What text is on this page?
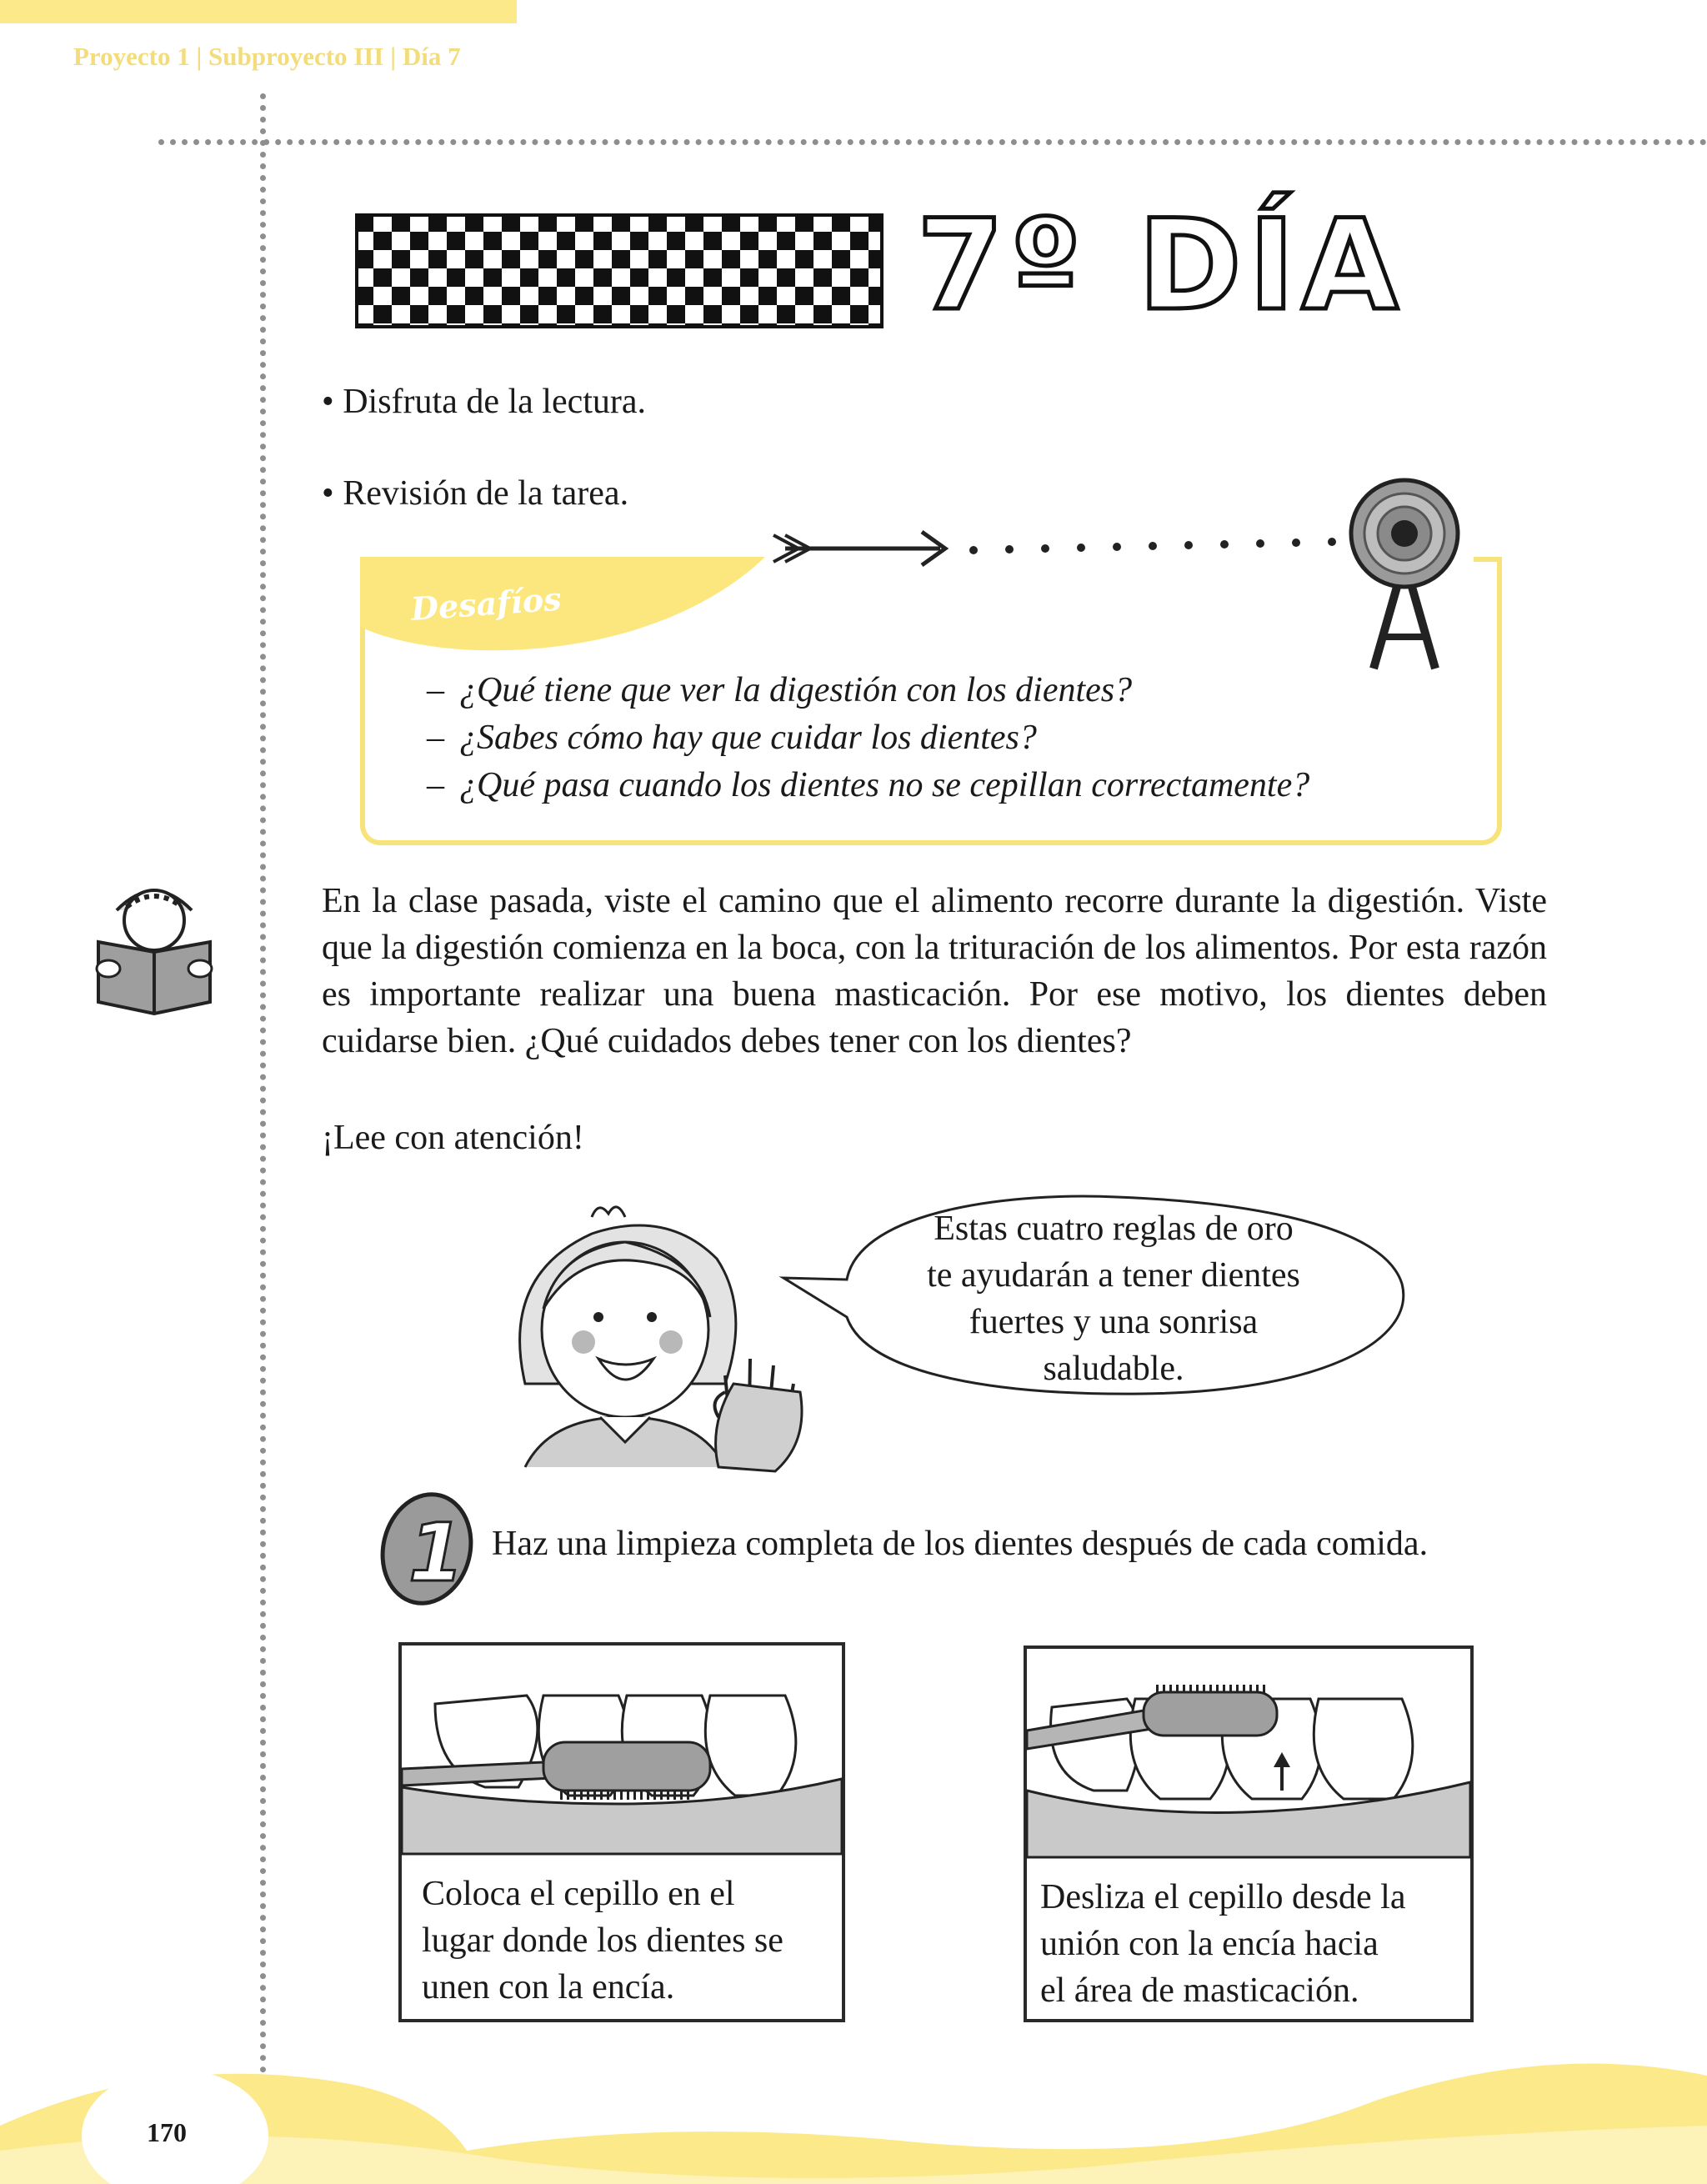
Proyecto 1 | Subproyecto III | Día 7
7º DÍA
• Disfruta de la lectura.
• Revisión de la tarea.
Desafíos
– ¿Qué tiene que ver la digestión con los dientes?
– ¿Sabes cómo hay que cuidar los dientes?
– ¿Qué pasa cuando los dientes no se cepillan correctamente?
En la clase pasada, viste el camino que el alimento recorre durante la digestión. Viste que la digestión comienza en la boca, con la trituración de los alimentos. Por esta razón es importante realizar una buena masticación. Por ese motivo, los dientes deben cuidarse bien. ¿Qué cuidados debes tener con los dientes?
¡Lee con atención!
Estas cuatro reglas de oro
te ayudarán a tener dientes
fuertes y una sonrisa
saludable.
1 Haz una limpieza completa de los dientes después de cada comida.
Coloca el cepillo en el
lugar donde los dientes se
unen con la encía.
Desliza el cepillo desde la
unión con la encía hacia
el área de masticación.
170
